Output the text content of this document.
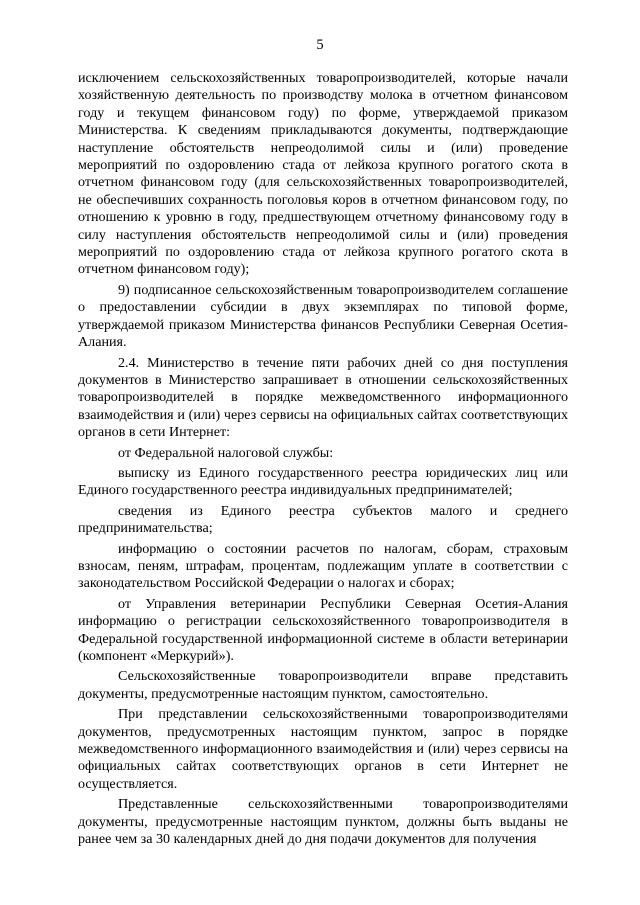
5

исключением сельскохозяйственных товаропроизводителей, которые начали хозяйственную деятельность по производству молока в отчетном финансовом году и текущем финансовом году) по форме, утверждаемой приказом Министерства. К сведениям прикладываются документы, подтверждающие наступление обстоятельств непреодолимой силы и (или) проведение мероприятий по оздоровлению стада от лейкоза крупного рогатого скота в отчетном финансовом году (для сельскохозяйственных товаропроизводителей, не обеспечивших сохранность поголовья коров в отчетном финансовом году, по отношению к уровню в году, предшествующем отчетному финансовому году в силу наступления обстоятельств непреодолимой силы и (или) проведения мероприятий по оздоровлению стада от лейкоза крупного рогатого скота в отчетном финансовом году);

9) подписанное сельскохозяйственным товаропроизводителем соглашение о предоставлении субсидии в двух экземплярах по типовой форме, утверждаемой приказом Министерства финансов Республики Северная Осетия-Алания.

2.4. Министерство в течение пяти рабочих дней со дня поступления документов в Министерство запрашивает в отношении сельскохозяйственных товаропроизводителей в порядке межведомственного информационного взаимодействия и (или) через сервисы на официальных сайтах соответствующих органов в сети Интернет:

от Федеральной налоговой службы:

выписку из Единого государственного реестра юридических лиц или Единого государственного реестра индивидуальных предпринимателей;

сведения из Единого реестра субъектов малого и среднего предпринимательства;

информацию о состоянии расчетов по налогам, сборам, страховым взносам, пеням, штрафам, процентам, подлежащим уплате в соответствии с законодательством Российской Федерации о налогах и сборах;

от Управления ветеринарии Республики Северная Осетия-Алания информацию о регистрации сельскохозяйственного товаропроизводителя в Федеральной государственной информационной системе в области ветеринарии (компонент «Меркурий»).

Сельскохозяйственные товаропроизводители вправе представить документы, предусмотренные настоящим пунктом, самостоятельно.

При представлении сельскохозяйственными товаропроизводителями документов, предусмотренных настоящим пунктом, запрос в порядке межведомственного информационного взаимодействия и (или) через сервисы на официальных сайтах соответствующих органов в сети Интернет не осуществляется.

Представленные сельскохозяйственными товаропроизводителями документы, предусмотренные настоящим пунктом, должны быть выданы не ранее чем за 30 календарных дней до дня подачи документов для получения
